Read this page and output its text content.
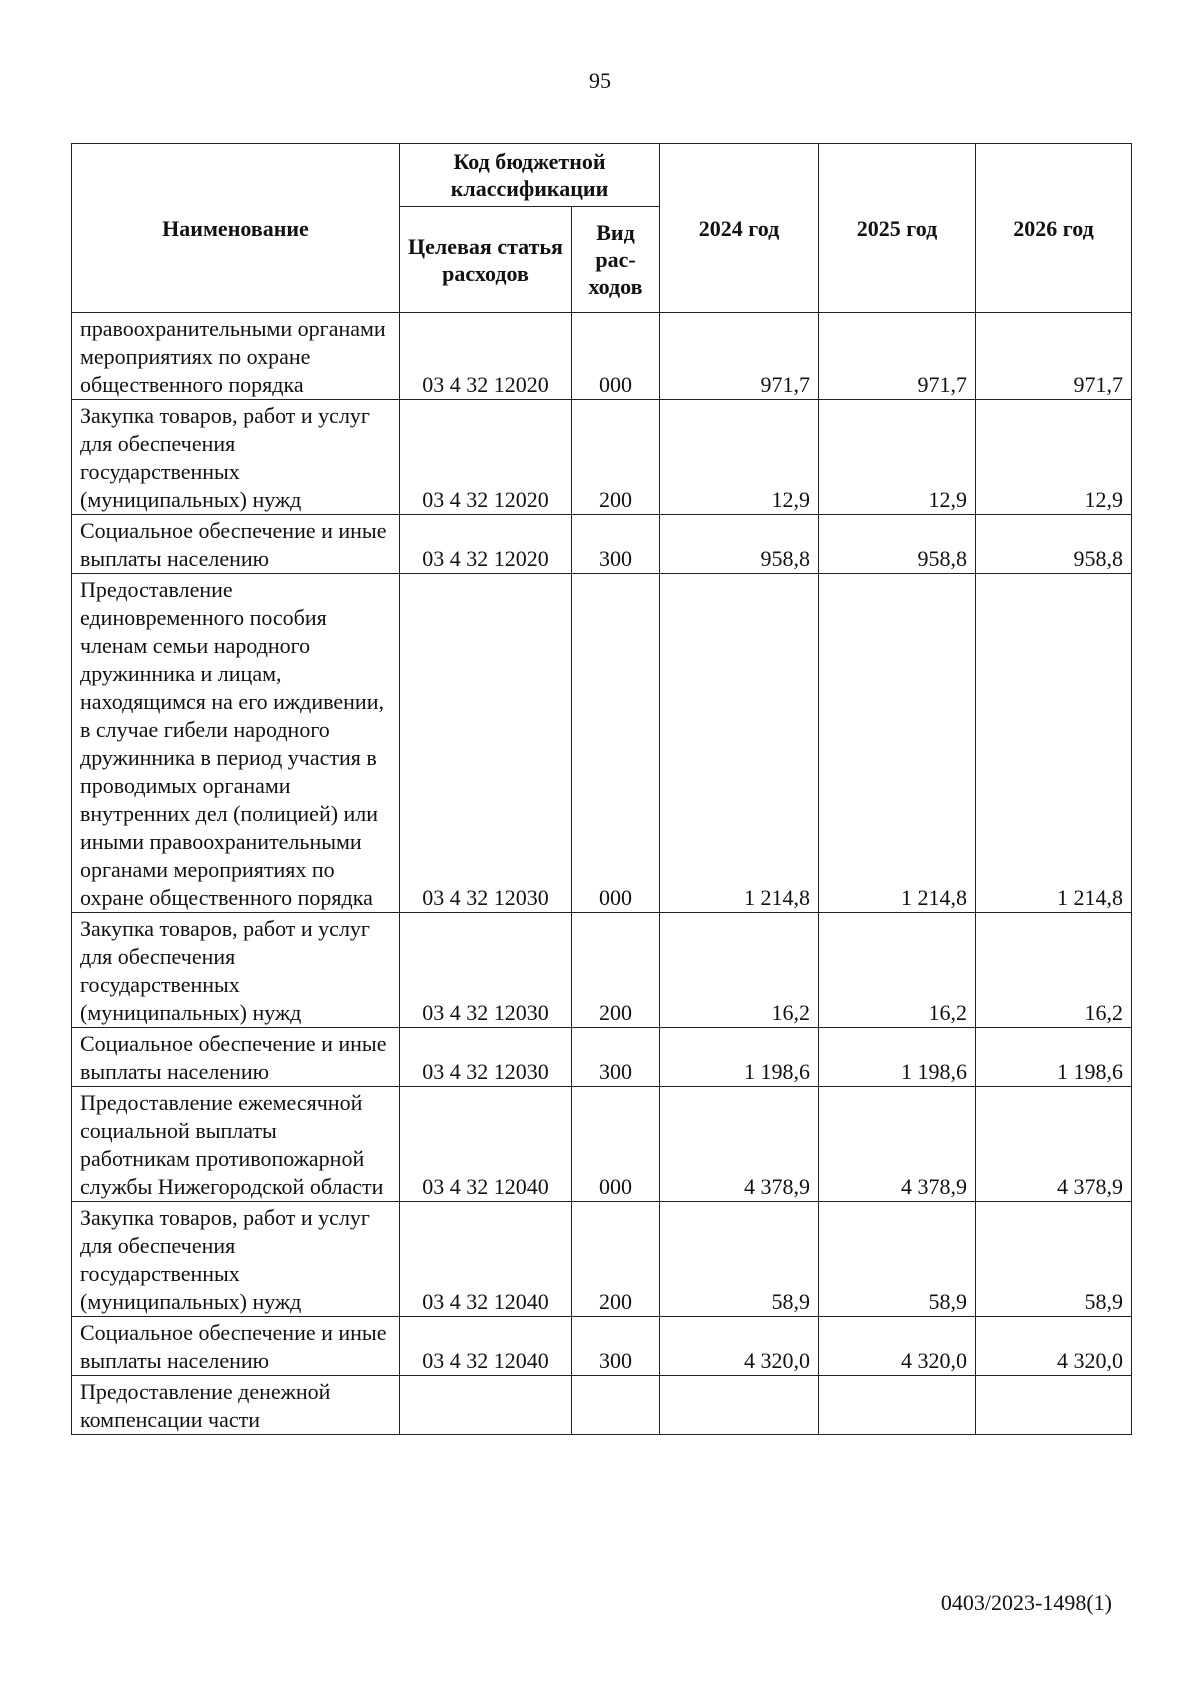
95
Наименование	Код бюджетной классификации		2024 год	2025 год	2026 год
	Целевая статья расходов	Вид рас-ходов			
правоохранительными органами мероприятиях по охране общественного порядка	03 4 32 12020	000	971,7	971,7	971,7
Закупка товаров, работ и услуг для обеспечения государственных (муниципальных) нужд	03 4 32 12020	200	12,9	12,9	12,9
Социальное обеспечение и иные выплаты населению	03 4 32 12020	300	958,8	958,8	958,8
Предоставление единовременного пособия членам семьи народного дружинника и лицам, находящимся на его иждивении, в случае гибели народного дружинника в период участия в проводимых органами внутренних дел (полицией) или иными правоохранительными органами мероприятиях по охране общественного порядка	03 4 32 12030	000	1 214,8	1 214,8	1 214,8
Закупка товаров, работ и услуг для обеспечения государственных (муниципальных) нужд	03 4 32 12030	200	16,2	16,2	16,2
Социальное обеспечение и иные выплаты населению	03 4 32 12030	300	1 198,6	1 198,6	1 198,6
Предоставление ежемесячной социальной выплаты работникам противопожарной службы Нижегородской области	03 4 32 12040	000	4 378,9	4 378,9	4 378,9
Закупка товаров, работ и услуг для обеспечения государственных (муниципальных) нужд	03 4 32 12040	200	58,9	58,9	58,9
Социальное обеспечение и иные выплаты населению	03 4 32 12040	300	4 320,0	4 320,0	4 320,0
Предоставление денежной компенсации части					
0403/2023-1498(1)
